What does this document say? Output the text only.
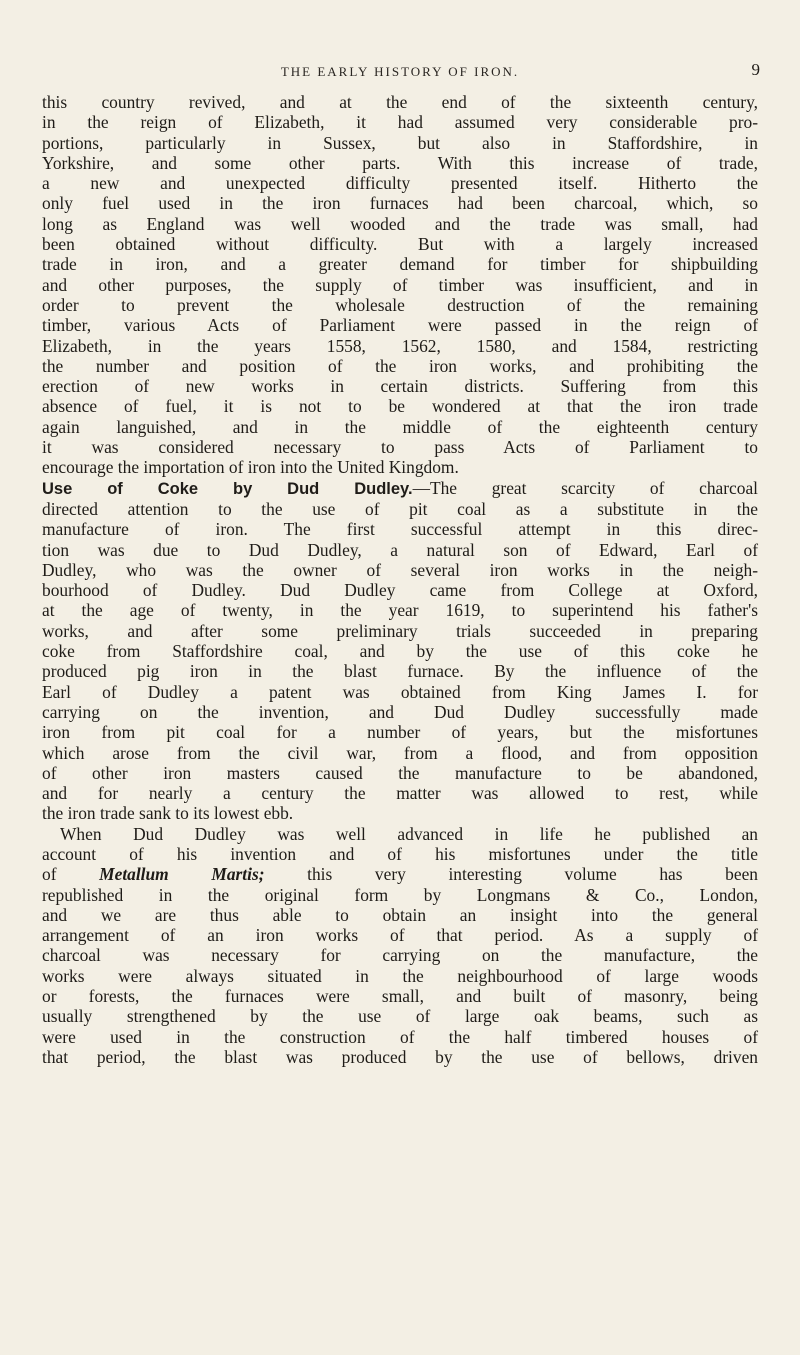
THE EARLY HISTORY OF IRON.	9
this country revived, and at the end of the sixteenth century,
in the reign of Elizabeth, it had assumed very considerable pro-
portions, particularly in Sussex, but also in Staffordshire, in
Yorkshire, and some other parts. With this increase of trade,
a new and unexpected difficulty presented itself. Hitherto the
only fuel used in the iron furnaces had been charcoal, which, so
long as England was well wooded and the trade was small, had
been obtained without difficulty. But with a largely increased
trade in iron, and a greater demand for timber for shipbuilding
and other purposes, the supply of timber was insufficient, and in
order to prevent the wholesale destruction of the remaining
timber, various Acts of Parliament were passed in the reign of
Elizabeth, in the years 1558, 1562, 1580, and 1584, restricting
the number and position of the iron works, and prohibiting the
erection of new works in certain districts. Suffering from this
absence of fuel, it is not to be wondered at that the iron trade
again languished, and in the middle of the eighteenth century
it was considered necessary to pass Acts of Parliament to
encourage the importation of iron into the United Kingdom.
Use of Coke by Dud Dudley.—The great scarcity of charcoal
directed attention to the use of pit coal as a substitute in the
manufacture of iron. The first successful attempt in this direc-
tion was due to Dud Dudley, a natural son of Edward, Earl of
Dudley, who was the owner of several iron works in the neigh-
bourhood of Dudley. Dud Dudley came from College at Oxford,
at the age of twenty, in the year 1619, to superintend his father's
works, and after some preliminary trials succeeded in preparing
coke from Staffordshire coal, and by the use of this coke he
produced pig iron in the blast furnace. By the influence of the
Earl of Dudley a patent was obtained from King James I. for
carrying on the invention, and Dud Dudley successfully made
iron from pit coal for a number of years, but the misfortunes
which arose from the civil war, from a flood, and from opposition
of other iron masters caused the manufacture to be abandoned,
and for nearly a century the matter was allowed to rest, while
the iron trade sank to its lowest ebb.
When Dud Dudley was well advanced in life he published an
account of his invention and of his misfortunes under the title
of Metallum Martis; this very interesting volume has been
republished in the original form by Longmans & Co., London,
and we are thus able to obtain an insight into the general
arrangement of an iron works of that period. As a supply of
charcoal was necessary for carrying on the manufacture, the
works were always situated in the neighbourhood of large woods
or forests, the furnaces were small, and built of masonry, being
usually strengthened by the use of large oak beams, such as
were used in the construction of the half timbered houses of
that period, the blast was produced by the use of bellows, driven
